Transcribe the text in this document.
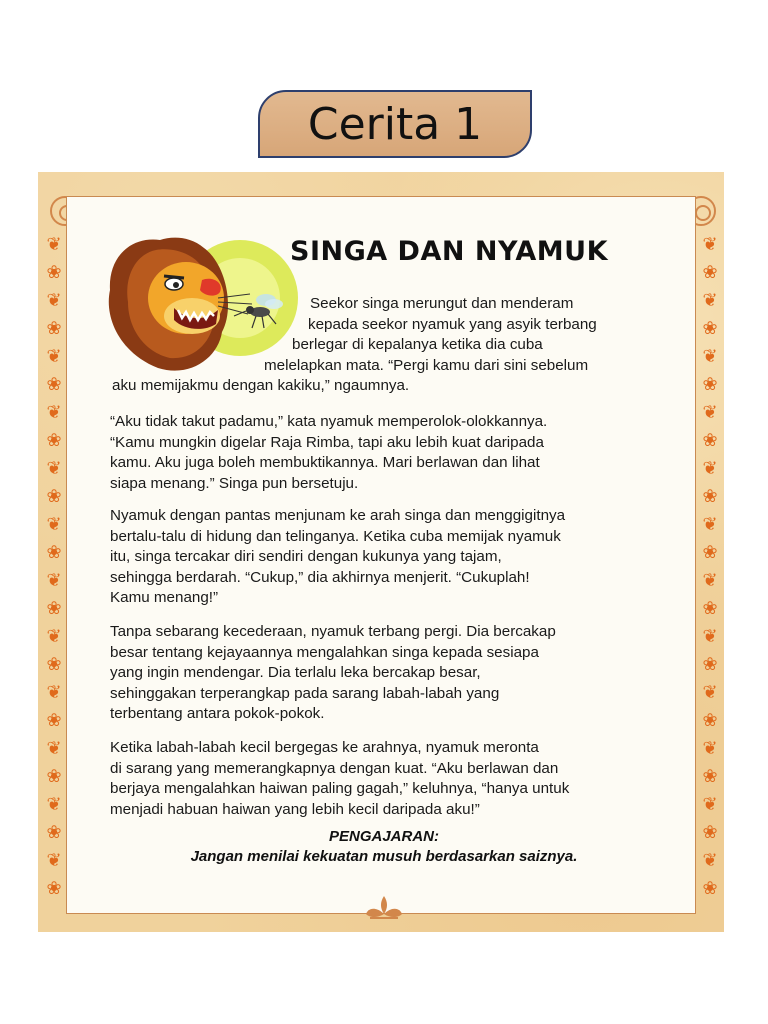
Cerita 1
❦
❀
❦
❀
❦
❀
❦
❀
❦
❀
❦
❀
❦
❀
❦
❀
❦
❀
❦
❀
❦
❀
❦
❀
❦
❀
❦
❀
❦
❀
❦
❀
❦
❀
❦
❀
❦
❀
❦
❀
❦
❀
❦
❀
❦
❀
❦
❀
SINGA DAN NYAMUK

Seekor singa merungut dan menderam
kepada seekor nyamuk yang asyik terbang
berlegar di kepalanya ketika dia cuba
melelapkan mata. “Pergi kamu dari sini sebelum
aku memijakmu dengan kakiku,” ngaumnya.

“Aku tidak takut padamu,” kata nyamuk memperolok-olokkannya.
“Kamu mungkin digelar Raja Rimba, tapi aku lebih kuat daripada
kamu. Aku juga boleh membuktikannya. Mari berlawan dan lihat
siapa menang.” Singa pun bersetuju.

Nyamuk dengan pantas menjunam ke arah singa dan menggigitnya
bertalu-talu di hidung dan telinganya. Ketika cuba memijak nyamuk
itu, singa tercakar diri sendiri dengan kukunya yang tajam,
sehingga berdarah. “Cukup,” dia akhirnya menjerit. “Cukuplah!
Kamu menang!”

Tanpa sebarang kecederaan, nyamuk terbang pergi. Dia bercakap
besar tentang kejayaannya mengalahkan singa kepada sesiapa
yang ingin mendengar. Dia terlalu leka bercakap besar,
sehinggakan terperangkap pada sarang labah-labah yang
terbentang antara pokok-pokok.

Ketika labah-labah kecil bergegas ke arahnya, nyamuk meronta
di sarang yang memerangkapnya dengan kuat. “Aku berlawan dan
berjaya mengalahkan haiwan paling gagah,” keluhnya, “hanya untuk
menjadi habuan haiwan yang lebih kecil daripada aku!”

PENGAJARAN:
Jangan menilai kekuatan musuh berdasarkan saiznya.
